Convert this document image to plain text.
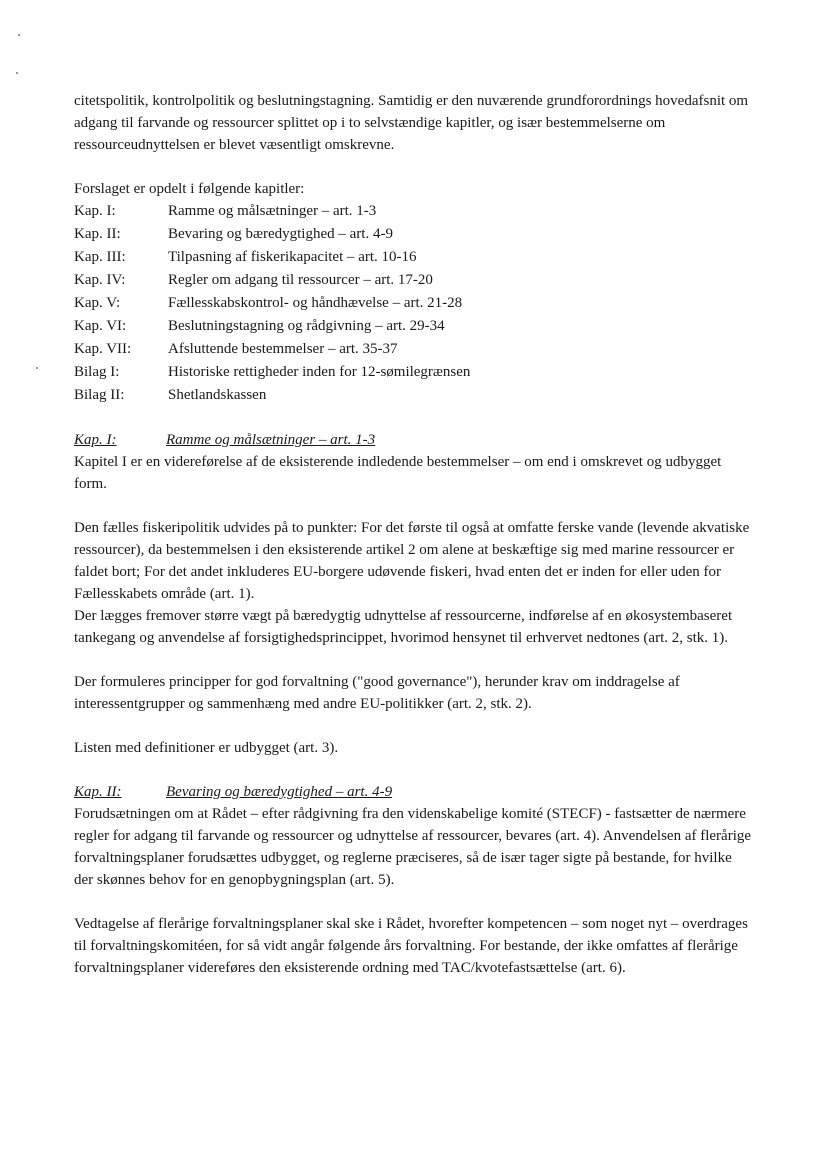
citetspolitik, kontrolpolitik og beslutningstagning. Samtidig er den nuværende grundforordnings hovedafsnit om adgang til farvande og ressourcer splittet op i to selvstændige kapitler, og især bestemmelserne om ressourceudnyttelsen er blevet væsentligt omskrevne.

Forslaget er opdelt i følgende kapitler:

Kap. I:	Ramme og målsætninger – art. 1-3
Kap. II:	Bevaring og bæredygtighed – art. 4-9
Kap. III:	Tilpasning af fiskerikapacitet – art. 10-16
Kap. IV:	Regler om adgang til ressourcer – art. 17-20
Kap. V:	Fællesskabskontrol- og håndhævelse – art. 21-28
Kap. VI:	Beslutningstagning og rådgivning – art. 29-34
Kap. VII:	Afsluttende bestemmelser – art. 35-37
Bilag I:	Historiske rettigheder inden for 12-sømilegrænsen
Bilag II:	Shetlandskassen
Kap. I:	Ramme og målsætninger – art. 1-3

Kapitel I er en videreførelse af de eksisterende indledende bestemmelser – om end i omskrevet og udbygget form.

Den fælles fiskeripolitik udvides på to punkter: For det første til også at omfatte ferske vande (levende akvatiske ressourcer), da bestemmelsen i den eksisterende artikel 2 om alene at beskæftige sig med marine ressourcer er faldet bort; For det andet inkluderes EU-borgere udøvende fiskeri, hvad enten det er inden for eller uden for Fællesskabets område (art. 1).

Der lægges fremover større vægt på bæredygtig udnyttelse af ressourcerne, indførelse af en økosystembaseret tankegang og anvendelse af forsigtighedsprincippet, hvorimod hensynet til erhvervet nedtones (art. 2, stk. 1).

Der formuleres principper for god forvaltning ("good governance"), herunder krav om inddragelse af interessentgrupper og sammenhæng med andre EU-politikker (art. 2, stk. 2).

Listen med definitioner er udbygget (art. 3).

Kap. II:	Bevaring og bæredygtighed – art. 4-9

Forudsætningen om at Rådet – efter rådgivning fra den videnskabelige komité (STECF) - fastsætter de nærmere regler for adgang til farvande og ressourcer og udnyttelse af ressourcer, bevares (art. 4). Anvendelsen af flerårige forvaltningsplaner forudsættes udbygget, og reglerne præciseres, så de især tager sigte på bestande, for hvilke der skønnes behov for en genopbygningsplan (art. 5).

Vedtagelse af flerårige forvaltningsplaner skal ske i Rådet, hvorefter kompetencen – som noget nyt – overdrages til forvaltningskomitéen, for så vidt angår følgende års forvaltning. For bestande, der ikke omfattes af flerårige forvaltningsplaner videreføres den eksisterende ordning med TAC/kvotefastsættelse (art. 6).
